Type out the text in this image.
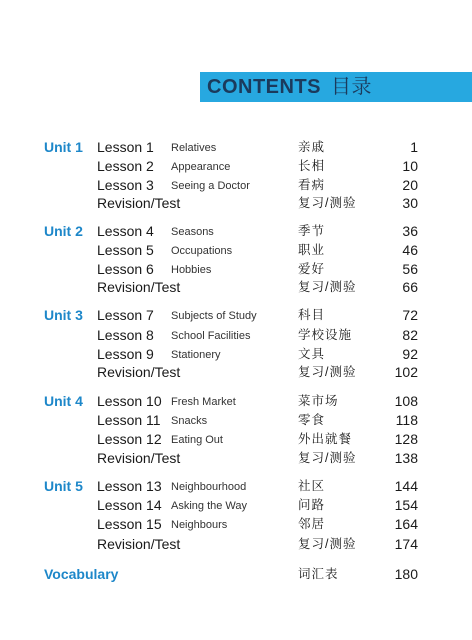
CONTENTS 目录
Unit 1 Lesson 1 Relatives	亲戚	1
Lesson 2 Appearance	长相	10
Lesson 3 Seeing a Doctor	看病	20
Revision/Test	复习/测验	30
Unit 2 Lesson 4 Seasons	季节	36
Lesson 5 Occupations	职业	46
Lesson 6 Hobbies	爱好	56
Revision/Test	复习/测验	66
Unit 3 Lesson 7 Subjects of Study	科目	72
Lesson 8 School Facilities	学校设施	82
Lesson 9 Stationery	文具	92
Revision/Test	复习/测验	102
Unit 4 Lesson 10 Fresh Market	菜市场	108
Lesson 11 Snacks	零食	118
Lesson 12 Eating Out	外出就餐	128
Revision/Test	复习/测验	138
Unit 5 Lesson 13 Neighbourhood	社区	144
Lesson 14 Asking the Way	问路	154
Lesson 15 Neighbours	邻居	164
Revision/Test	复习/测验	174
Vocabulary	词汇表	180
